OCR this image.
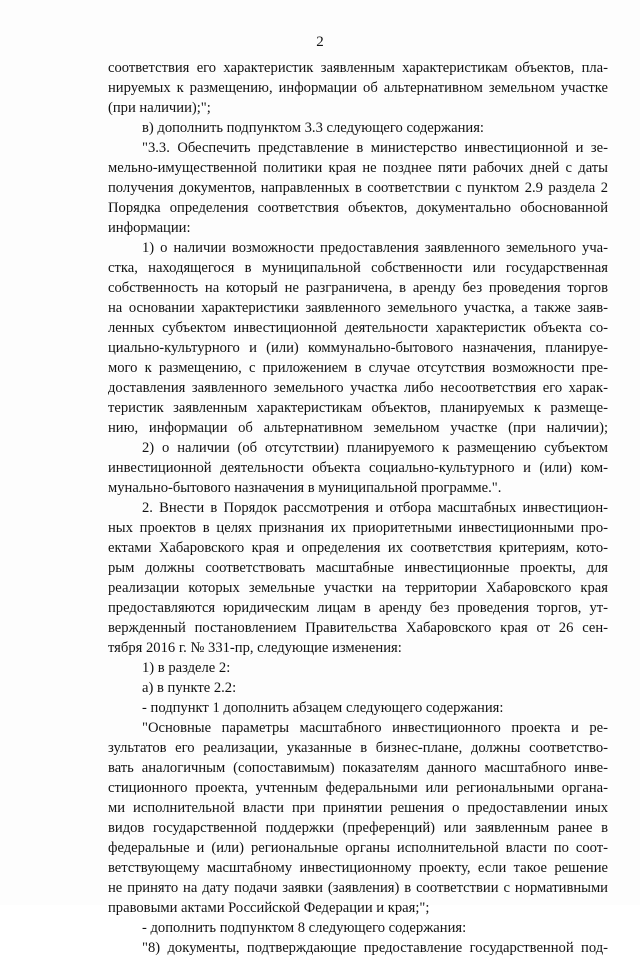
2
соответствия его характеристик заявленным характеристикам объектов, пла-
нируемых к размещению, информации об альтернативном земельном участке
(при наличии);";
в) дополнить подпунктом 3.3 следующего содержания:
"3.3. Обеспечить представление в министерство инвестиционной и зе-
мельно-имущественной политики края не позднее пяти рабочих дней с даты
получения документов, направленных в соответствии с пунктом 2.9 раздела 2
Порядка определения соответствия объектов, документально обоснованной
информации:
1) о наличии возможности предоставления заявленного земельного уча-
стка, находящегося в муниципальной собственности или государственная
собственность на который не разграничена, в аренду без проведения торгов
на основании характеристики заявленного земельного участка, а также заяв-
ленных субъектом инвестиционной деятельности характеристик объекта со-
циально-культурного и (или) коммунально-бытового назначения, планируе-
мого к размещению, с приложением в случае отсутствия возможности пре-
доставления заявленного земельного участка либо несоответствия его харак-
теристик заявленным характеристикам объектов, планируемых к размеще-
нию, информации об альтернативном земельном участке (при наличии);
2) о наличии (об отсутствии) планируемого к размещению субъектом
инвестиционной деятельности объекта социально-культурного и (или) ком-
мунально-бытового назначения в муниципальной программе.".
2. Внести в Порядок рассмотрения и отбора масштабных инвестицион-
ных проектов в целях признания их приоритетными инвестиционными про-
ектами Хабаровского края и определения их соответствия критериям, кото-
рым должны соответствовать масштабные инвестиционные проекты, для
реализации которых земельные участки на территории Хабаровского края
предоставляются юридическим лицам в аренду без проведения торгов, ут-
вержденный постановлением Правительства Хабаровского края от 26 сен-
тября 2016 г. № 331-пр, следующие изменения:
1) в разделе 2:
а) в пункте 2.2:
- подпункт 1 дополнить абзацем следующего содержания:
"Основные параметры масштабного инвестиционного проекта и ре-
зультатов его реализации, указанные в бизнес-плане, должны соответство-
вать аналогичным (сопоставимым) показателям данного масштабного инве-
стиционного проекта, учтенным федеральными или региональными органа-
ми исполнительной власти при принятии решения о предоставлении иных
видов государственной поддержки (преференций) или заявленным ранее в
федеральные и (или) региональные органы исполнительной власти по соот-
ветствующему масштабному инвестиционному проекту, если такое решение
не принято на дату подачи заявки (заявления) в соответствии с нормативными
правовыми актами Российской Федерации и края;";
- дополнить подпунктом 8 следующего содержания:
"8) документы, подтверждающие предоставление государственной под-
